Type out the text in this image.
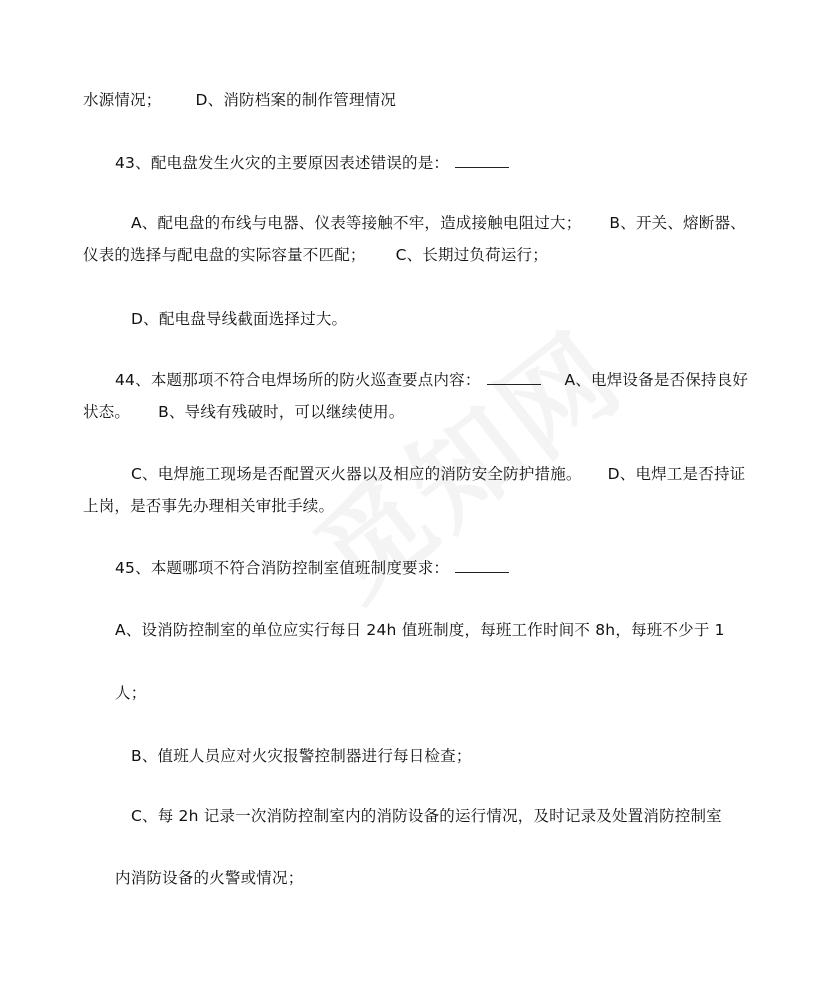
水源情况； D、消防档案的制作管理情况
43、配电盘发生火灾的主要原因表述错误的是：
A、配电盘的布线与电器、仪表等接触不牢，造成接触电阻过大； B、开关、熔断器、
仪表的选择与配电盘的实际容量不匹配； C、长期过负荷运行；
D、配电盘导线截面选择过大。
44、本题那项不符合电焊场所的防火巡查要点内容：	A、电焊设备是否保持良好
状态。 B、导线有残破时，可以继续使用。
C、电焊施工现场是否配置灭火器以及相应的消防安全防护措施。 D、电焊工是否持证
上岗，是否事先办理相关审批手续。
45、本题哪项不符合消防控制室值班制度要求：
A、设消防控制室的单位应实行每日 24h 值班制度，每班工作时间不 8h，每班不少于 1
人；
B、值班人员应对火灾报警控制器进行每日检查；
C、每 2h 记录一次消防控制室内的消防设备的运行情况，及时记录及处置消防控制室
内消防设备的火警或情况；
